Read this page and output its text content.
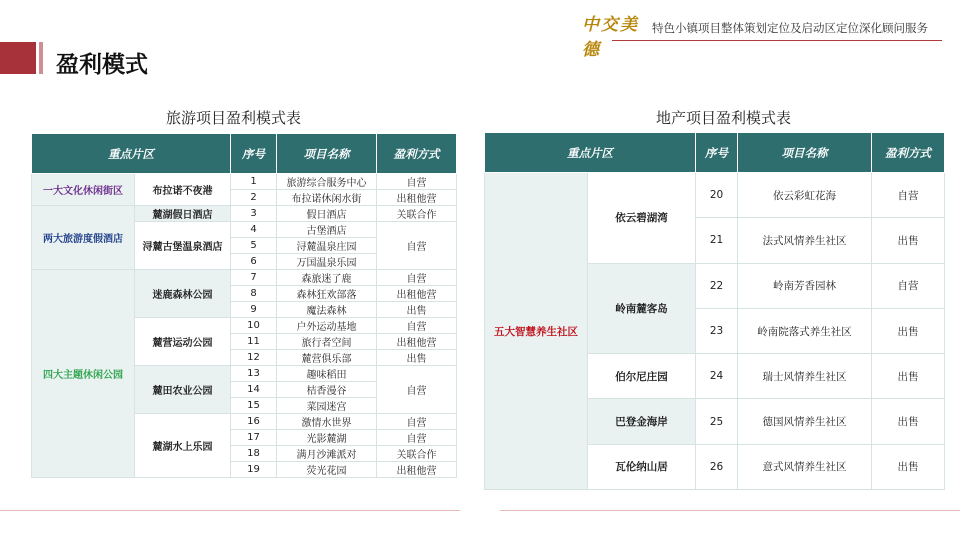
中交美德
特色小镇项目整体策划定位及启动区定位深化顾问服务
盈利模式
旅游项目盈利模式表	地产项目盈利模式表
重点片区		序号	项目名称	盈利方式
一大文化休闲街区	布拉诺不夜港	1	旅游综合服务中心	自营
		2	布拉诺休闲水街	出租他营
两大旅游度假酒店	麓湖假日酒店	3	假日酒店	关联合作
	浔麓古堡温泉酒店	4	古堡酒店	自营
		5	浔麓温泉庄园	
		6	万国温泉乐园	
四大主题休闲公园	迷鹿森林公园	7	森旅迷了鹿	自营
		8	森林狂欢部落	出租他营
		9	魔法森林	出售
	麓营运动公园	10	户外运动基地	自营
		11	旅行者空间	出租他营
		12	麓营俱乐部	出售
	麓田农业公园	13	趣味稻田	自营
		14	桔香漫谷	
		15	菜园迷宫	
	麓湖水上乐园	16	激情水世界	自营
		17	光影麓湖	自营
		18	满月沙滩派对	关联合作
		19	荧光花园	出租他营
重点片区		序号	项目名称	盈利方式
五大智慧养生社区	依云碧湖湾	20	依云彩虹花海	自营
		21	法式风情养生社区	出售
	岭南麓客岛	22	岭南芳香园林	自营
		23	岭南院落式养生社区	出售
	伯尔尼庄园	24	瑞士风情养生社区	出售
	巴登金海岸	25	德国风情养生社区	出售
	瓦伦纳山居	26	意式风情养生社区	出售
